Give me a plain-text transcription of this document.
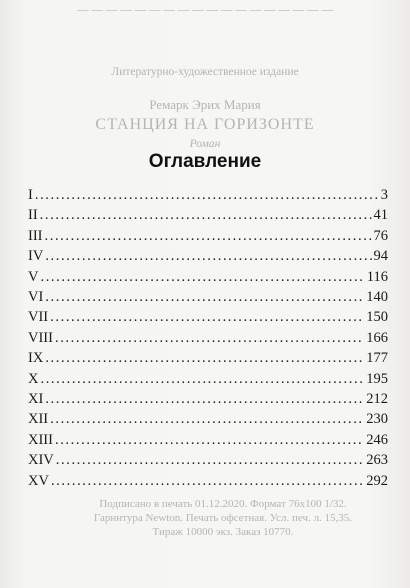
— — — — — — — — — — — — — — — — — —
Литературно-художественное издание
Ремарк Эрих Мария
СТАНЦИЯ НА ГОРИЗОНТЕ
Роман
Подписано в печать 01.12.2020. Формат 76x100 1/32.
Гарнитура Newton. Печать офсетная. Усл. печ. л. 15,35.
Тираж 10000 экз. Заказ 10770.
Оглавление
I .....	3
II .....	41
III .....	76
IV .....	94
V .....	116
VI .....	140
VII .....	150
VIII .....	166
IX .....	177
X .....	195
XI .....	212
XII .....	230
XIII .....	246
XIV .....	263
XV .....	292
